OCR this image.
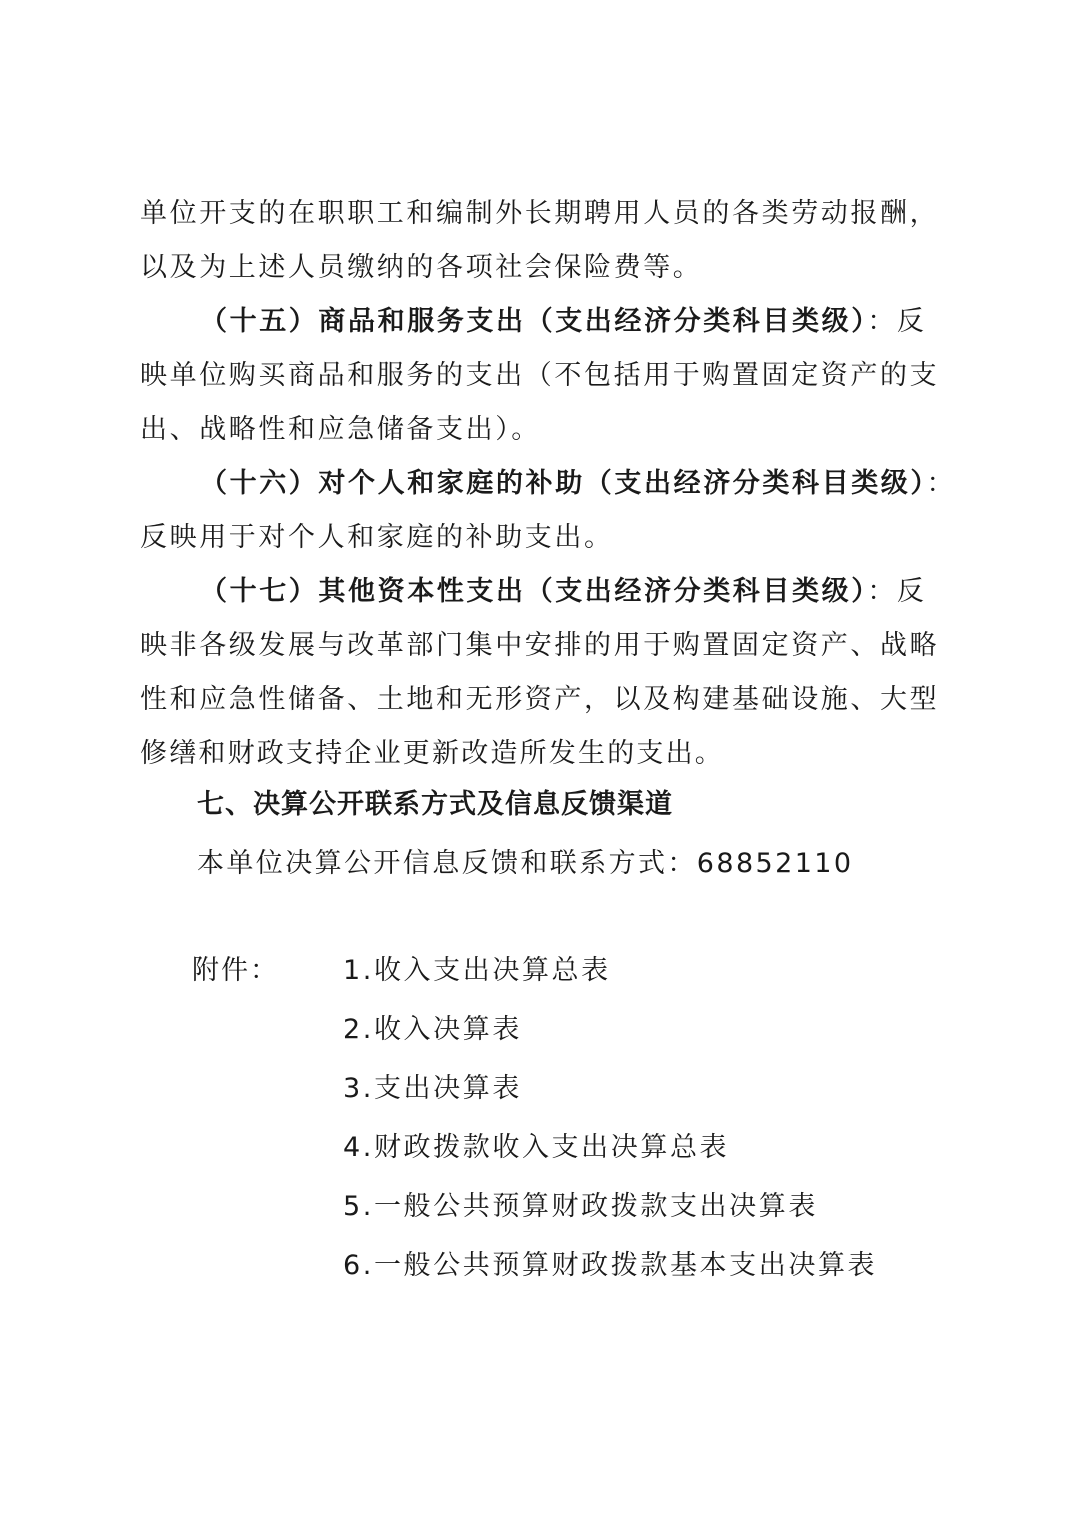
单位开支的在职职工和编制外长期聘用人员的各类劳动报酬，
以及为上述人员缴纳的各项社会保险费等。
（十五）商品和服务支出（支出经济分类科目类级）：反
映单位购买商品和服务的支出（不包括用于购置固定资产的支
出、战略性和应急储备支出）。
（十六）对个人和家庭的补助（支出经济分类科目类级）：
反映用于对个人和家庭的补助支出。
（十七）其他资本性支出（支出经济分类科目类级）：反
映非各级发展与改革部门集中安排的用于购置固定资产、战略
性和应急性储备、土地和无形资产，以及构建基础设施、大型
修缮和财政支持企业更新改造所发生的支出。
七、决算公开联系方式及信息反馈渠道
本单位决算公开信息反馈和联系方式：68852110
附件： 1.收入支出决算总表
2.收入决算表
3.支出决算表
4.财政拨款收入支出决算总表
5.一般公共预算财政拨款支出决算表
6.一般公共预算财政拨款基本支出决算表
